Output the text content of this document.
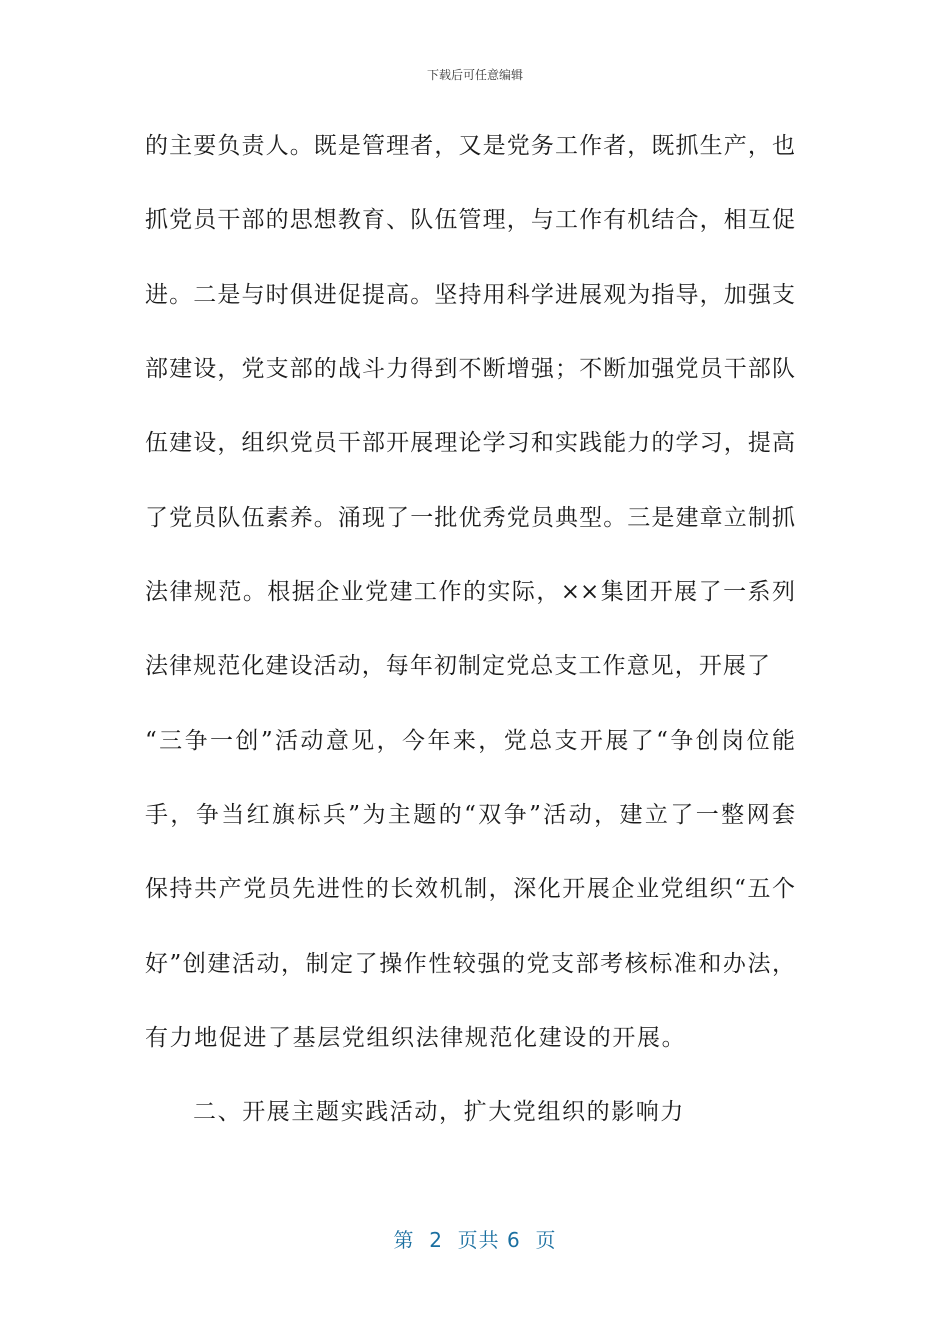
下载后可任意编辑
的主要负责人。既是管理者，又是党务工作者，既抓生产，也
抓党员干部的思想教育、队伍管理，与工作有机结合，相互促
进。二是与时俱进促提高。坚持用科学进展观为指导，加强支
部建设，党支部的战斗力得到不断增强；不断加强党员干部队
伍建设，组织党员干部开展理论学习和实践能力的学习，提高
了党员队伍素养。涌现了一批优秀党员典型。三是建章立制抓
法律规范。根据企业党建工作的实际，××集团开展了一系列
法律规范化建设活动，每年初制定党总支工作意见，开展了
“三争一创”活动意见，今年来，党总支开展了“争创岗位能
手，争当红旗标兵”为主题的“双争”活动，建立了一整网套
保持共产党员先进性的长效机制，深化开展企业党组织“五个
好”创建活动，制定了操作性较强的党支部考核标准和办法，
有力地促进了基层党组织法律规范化建设的开展。
二、开展主题实践活动，扩大党组织的影响力
第  2  页共 6  页
